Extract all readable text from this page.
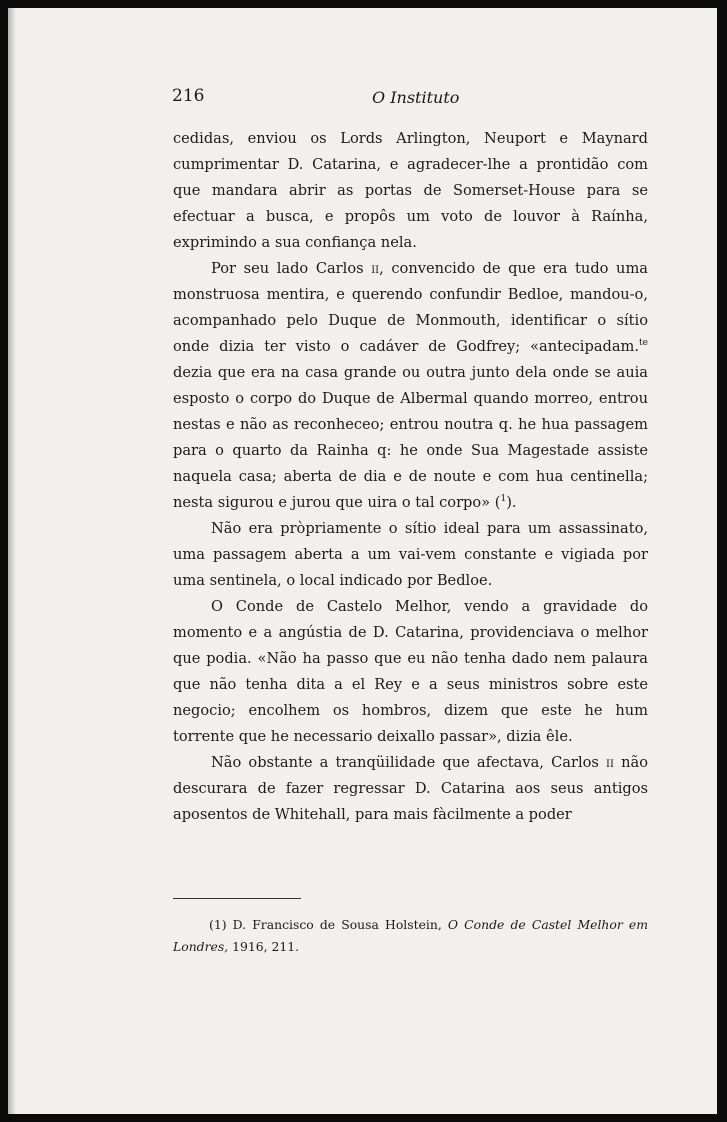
216	O Instituto

cedidas, enviou os Lords Arlington, Neuport e Maynard cumprimentar D. Catarina, e agradecer-lhe a prontidão com que mandara abrir as portas de Somerset-House para se efectuar a busca, e propôs um voto de louvor à Raínha, exprimindo a sua confiança nela.

Por seu lado Carlos ii, convencido de que era tudo uma monstruosa mentira, e querendo confundir Bedloe, mandou-o, acompanhado pelo Duque de Monmouth, identificar o sítio onde dizia ter visto o cadáver de Godfrey; «antecipadam.$^{te}$ dezia que era na casa grande ou outra junto dela onde se auia esposto o corpo do Duque de Albermal quando morreo, entrou nestas e não as reconheceo; entrou noutra q. he hua passagem para o quarto da Rainha q: he onde Sua Magestade assiste naquela casa; aberta de dia e de noute e com hua centinella; nesta sigurou e jurou que uira o tal corpo» ($^1$).

Não era pròpriamente o sítio ideal para um assassinato, uma passagem aberta a um vai-vem constante e vigiada por uma sentinela, o local indicado por Bedloe.

O Conde de Castelo Melhor, vendo a gravidade do momento e a angústia de D. Catarina, providenciava o melhor que podia. «Não ha passo que eu não tenha dado nem palaura que não tenha dita a el Rey e a seus ministros sobre este negocio; encolhem os hombros, dizem que este he hum torrente que he necessario deixallo passar», dizia êle.

Não obstante a tranqüilidade que afectava, Carlos ii não descurara de fazer regressar D. Catarina aos seus antigos aposentos de Whitehall, para mais fàcilmente a poder

(1) D. Francisco de Sousa Holstein, O Conde de Castel Melhor em Londres, 1916, 211.
